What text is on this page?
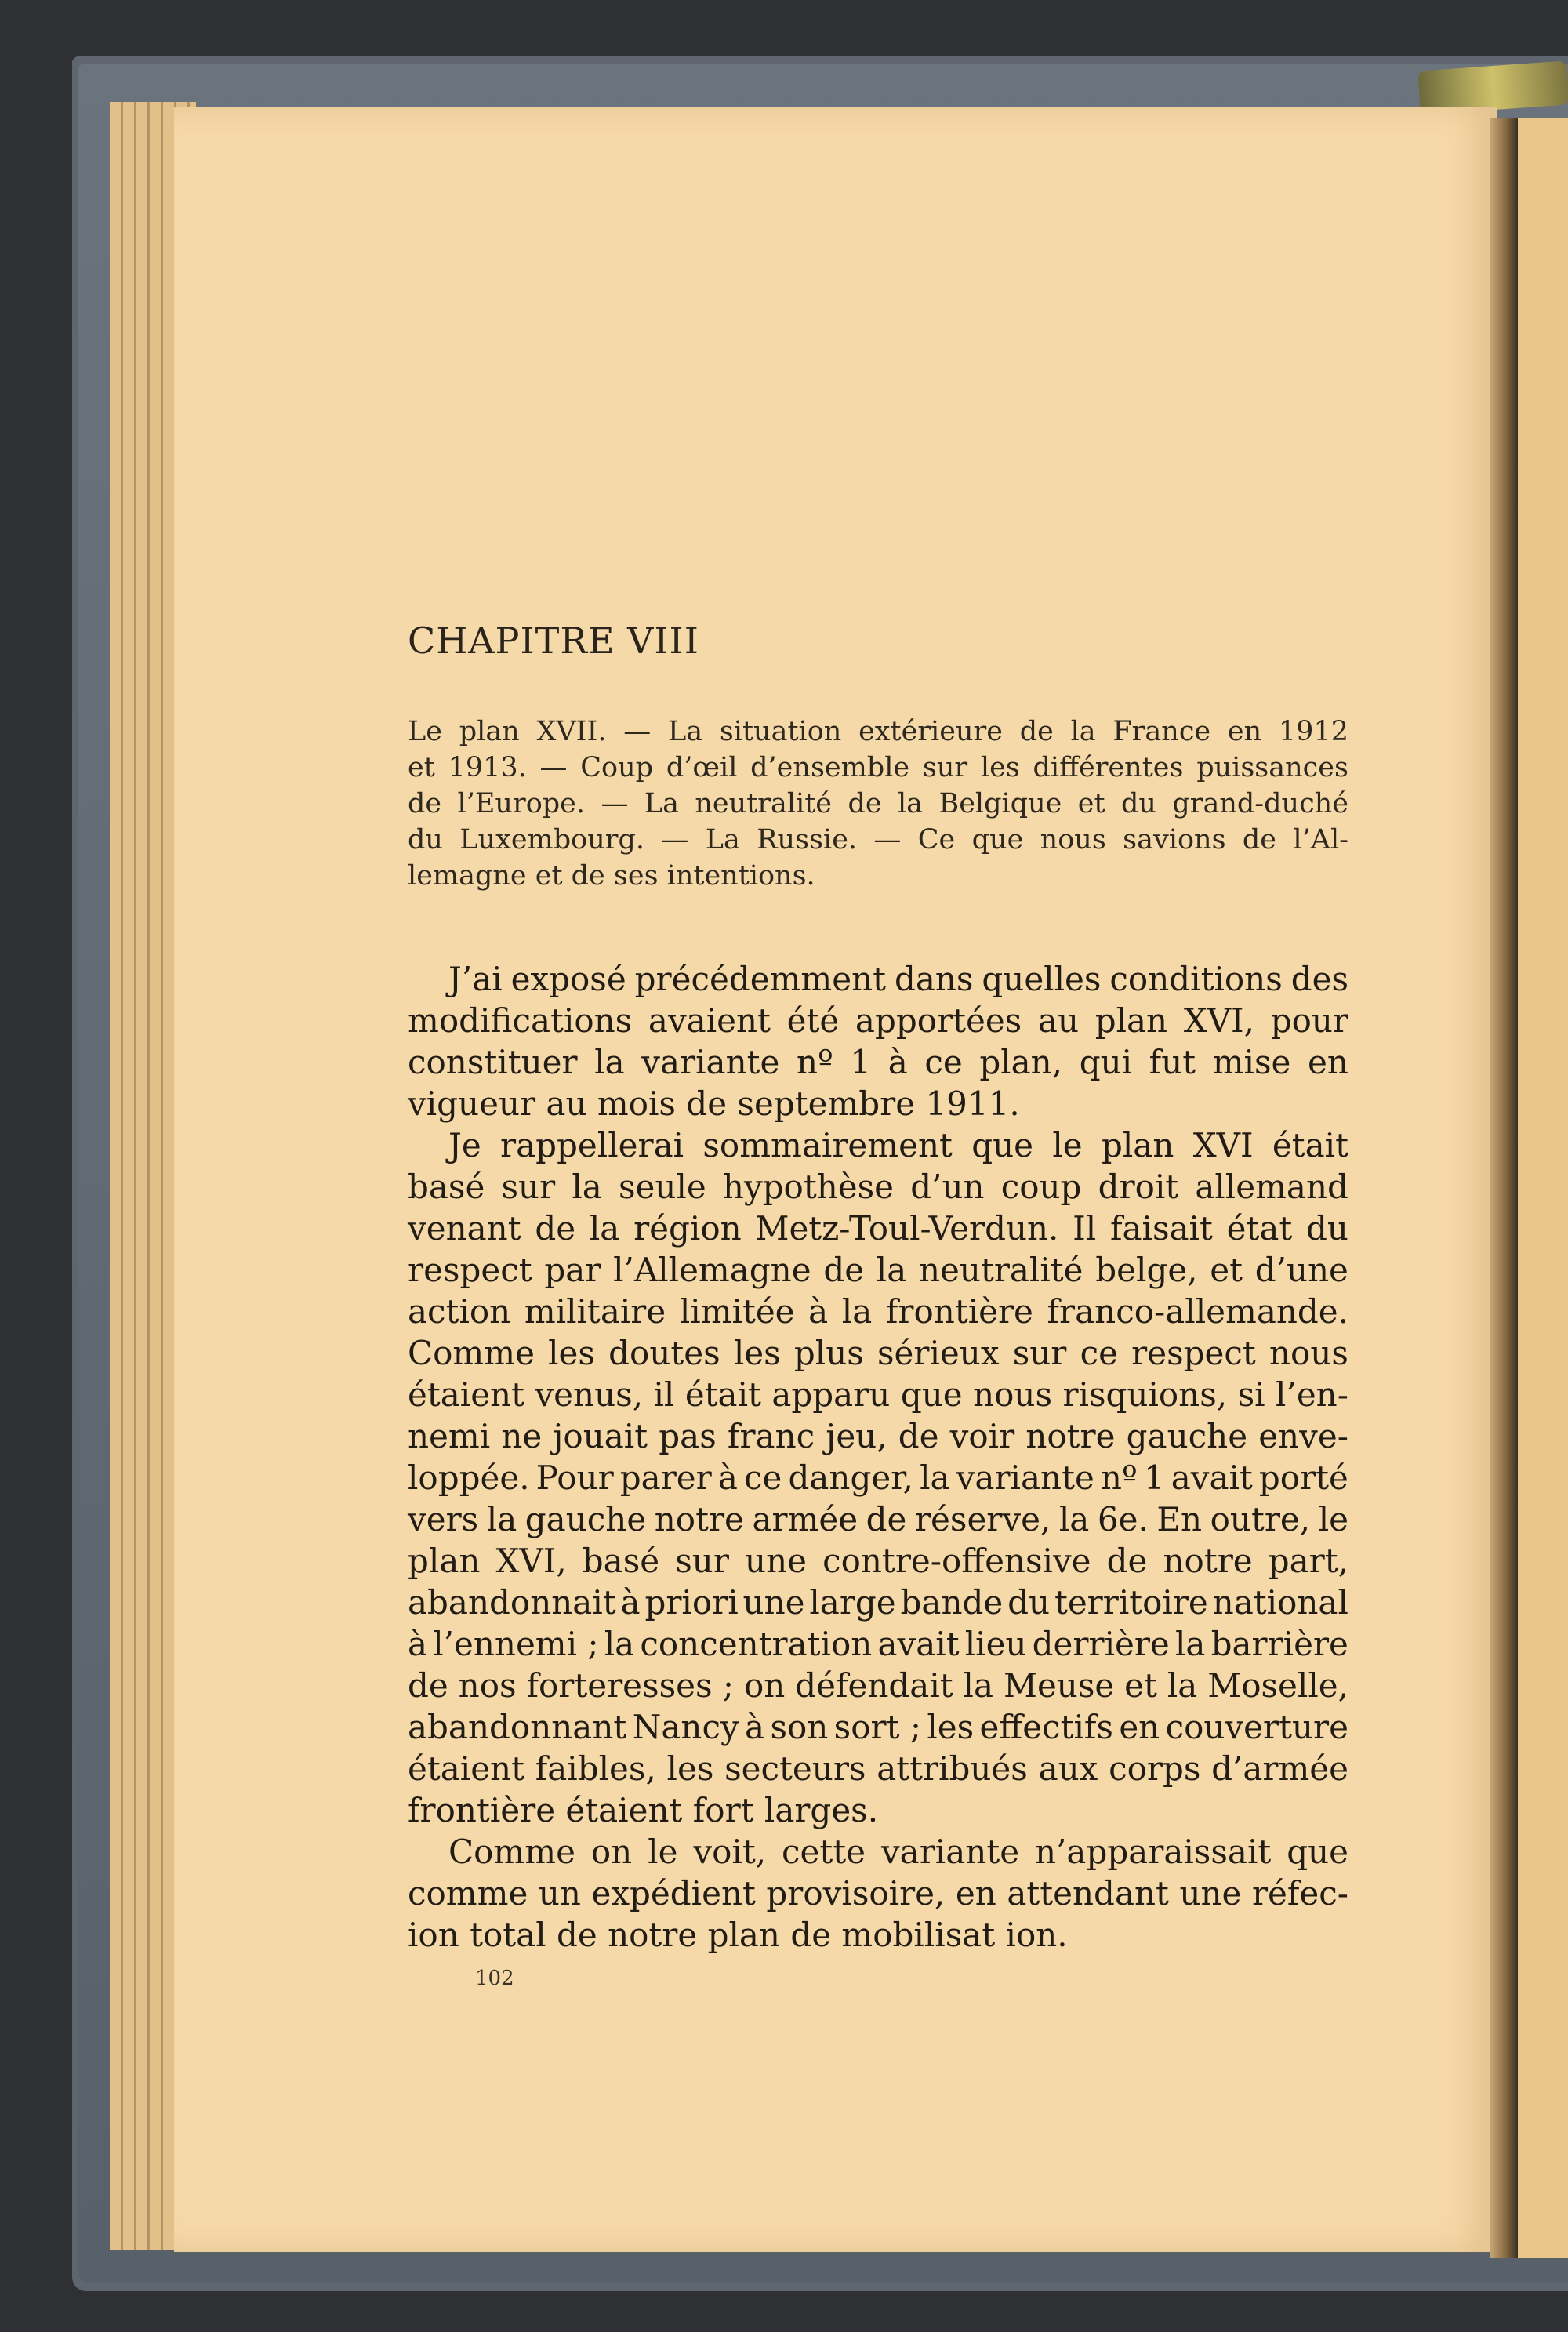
CHAPITRE VIII
Le plan XVII. — La situation extérieure de la France en 1912
et 1913. — Coup d’œil d’ensemble sur les différentes puissances
de l’Europe. — La neutralité de la Belgique et du grand-duché
du Luxembourg. — La Russie. — Ce que nous savions de l’Al-
lemagne et de ses intentions.
J’ai exposé précédemment dans quelles conditions des
modifications avaient été apportées au plan XVI, pour
constituer la variante nº 1 à ce plan, qui fut mise en
vigueur au mois de septembre 1911.
Je rappellerai sommairement que le plan XVI était
basé sur la seule hypothèse d’un coup droit allemand
venant de la région Metz-Toul-Verdun. Il faisait état du
respect par l’Allemagne de la neutralité belge, et d’une
action militaire limitée à la frontière franco-allemande.
Comme les doutes les plus sérieux sur ce respect nous
étaient venus, il était apparu que nous risquions, si l’en-
nemi ne jouait pas franc jeu, de voir notre gauche enve-
loppée. Pour parer à ce danger, la variante nº 1 avait porté
vers la gauche notre armée de réserve, la 6e. En outre, le
plan XVI, basé sur une contre-offensive de notre part,
abandonnait à priori une large bande du territoire national
à l’ennemi ; la concentration avait lieu derrière la barrière
de nos forteresses ; on défendait la Meuse et la Moselle,
abandonnant Nancy à son sort ; les effectifs en couverture
étaient faibles, les secteurs attribués aux corps d’armée
frontière étaient fort larges.
Comme on le voit, cette variante n’apparaissait que
comme un expédient provisoire, en attendant une réfec-
ion total de notre plan de mobilisat ion.
102
